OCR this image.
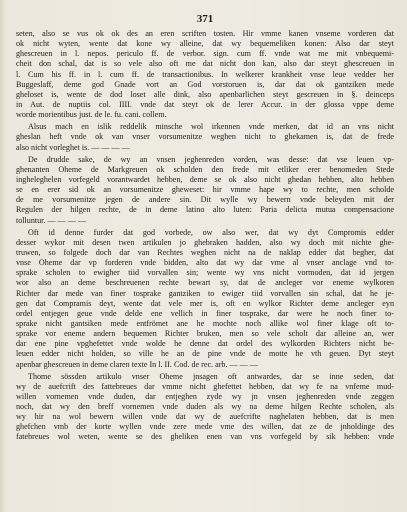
371
seten, also se vus ok ok des an eren scriften tosten. Hir vmme kanen vnseme vorderen dat
ok nicht wyten, wente dat kone wy alleine, dat wy bequemeliken konen: Also dar steyt
ghescreuen in l. nepos. periculo ff. de verbor. sign. cum ff. vnde wat me mit vnbequemi-
cheit don schal, dat is so vele also oft me dat nicht don kan, also dar steyt ghescreuen in
l. Cum his ff. in l. cum ff. de transactionibus. In welkerer krankheit vnse leue vedder her
Buggeslaff, deme god Gnade vort an God vorstoruen is, dar dat ok gantziken mede
gheloset is, wente de dod loset alle dink, also apenbarlichen steyt gescreuen in §. deinceps
in Aut. de nuptiis col. IIII. vnde dat steyt ok de lerer Accur. in der glossa vppe deme
worde morientibus just. de le. fu. cani. collem.
Alsus mach en islik reddelik minsche wol irkennen vnde merken, dat id an vns nicht
gheslan heft vnde ok van vnser vorsumenitze weghen nicht to ghekamen is, dat de frede
also nicht vorleghet is. — — — —
De drudde sake, de wy an vnsen jeghenreden vorden, was desse: dat vse leuen vp-
ghenanten Oheme de Markgreuen ok scholden den frede mit etliker erer benomeden Stede
ingheleghelen vorfegeld vorantwardet hebben, deme se ok also nicht ghedan hebben, alto hebben
se en erer sid ok an vorsumenitze gheweset: hir vmme hape wy to rechte, men scholde
de me vorsumenitze jegen de andere sin. Dit wylle wy bewern vnde beleyden mit der
Regulen der hilgen rechte, de in deme latino alto luten: Paria delicta mutua compensacione
tolluntur. — — — —
Oft id denne furder dat god vorbede, ow also wer, dat wy dyt Compromis edder
desser wykor mit desen twen artikulen jo ghebraken hadden, also wy doch mit nichte ghe-
truwen, so folgede doch dar van Rechtes weghen nicht na de naklap edder dat begher, dat
vnse Oheme dar vp forderen vnde bidden, alto dat wy dar vme al vnser anclage vnd to-
sprake scholen to ewigher tiid vorvallen sin; wente wy vns nicht vormoden, dat id jergen
wor also an deme beschreuenen rechte bewart sy, dat de ancleger vor eneme wylkoren
Richter dar mede van finer tosprake gantziken to ewiger tiid vorvallen sin schal, dat he je-
gen dat Compramis deyt, wente dat vele mer is, oft en wylkor Richter deme ancleger eyn
ordel entjegen geue vnde delde ene vellich in finer tosprake, dar were he noch finer to-
sprake nicht gantsiken mede entfrömet ane he mochte noch allike wol finer klage oft to-
sprake vor eneme andern bequemen Richter bruken, men so vele scholt dar alleine an, wer
dar ene pine vpghefettet vnde wolde he denne dat ordel des wylkorden Richters nicht be-
leuen edder nicht holden, so ville he an de pine vnde de motte he vth geuen. Dyt steyt
apenbar ghescreuen in deme claren texte In l. II. Cod. de rec. arb. — — —
Thome sössden artikulo vnser Oheme jnsagen oft antwardes, dar se inne seden, dat
wy de auefcrift des fattebreues dar vmme nicht ghefettet hebben, dat wy fe na vnfeme mud-
willen vornemen vnde duden, dar entjeghen zyde wy jn vnsen jeghenreden vnde zeggen
noch, dat wy den breff vornemen vnde duden als wy na deme hilgen Rechte scholen, als
wy hir na wol bewern willen vnde dat wy de auefcrifte naghelaten hebben, dat is men
ghefchen vmb der korte wyllen vnde zere mede vme des willen, dat ze de jnholdinge des
fatebreues wol weten, wente se des gheliken enen van vns vorfegeld by sik hebben: vnde
